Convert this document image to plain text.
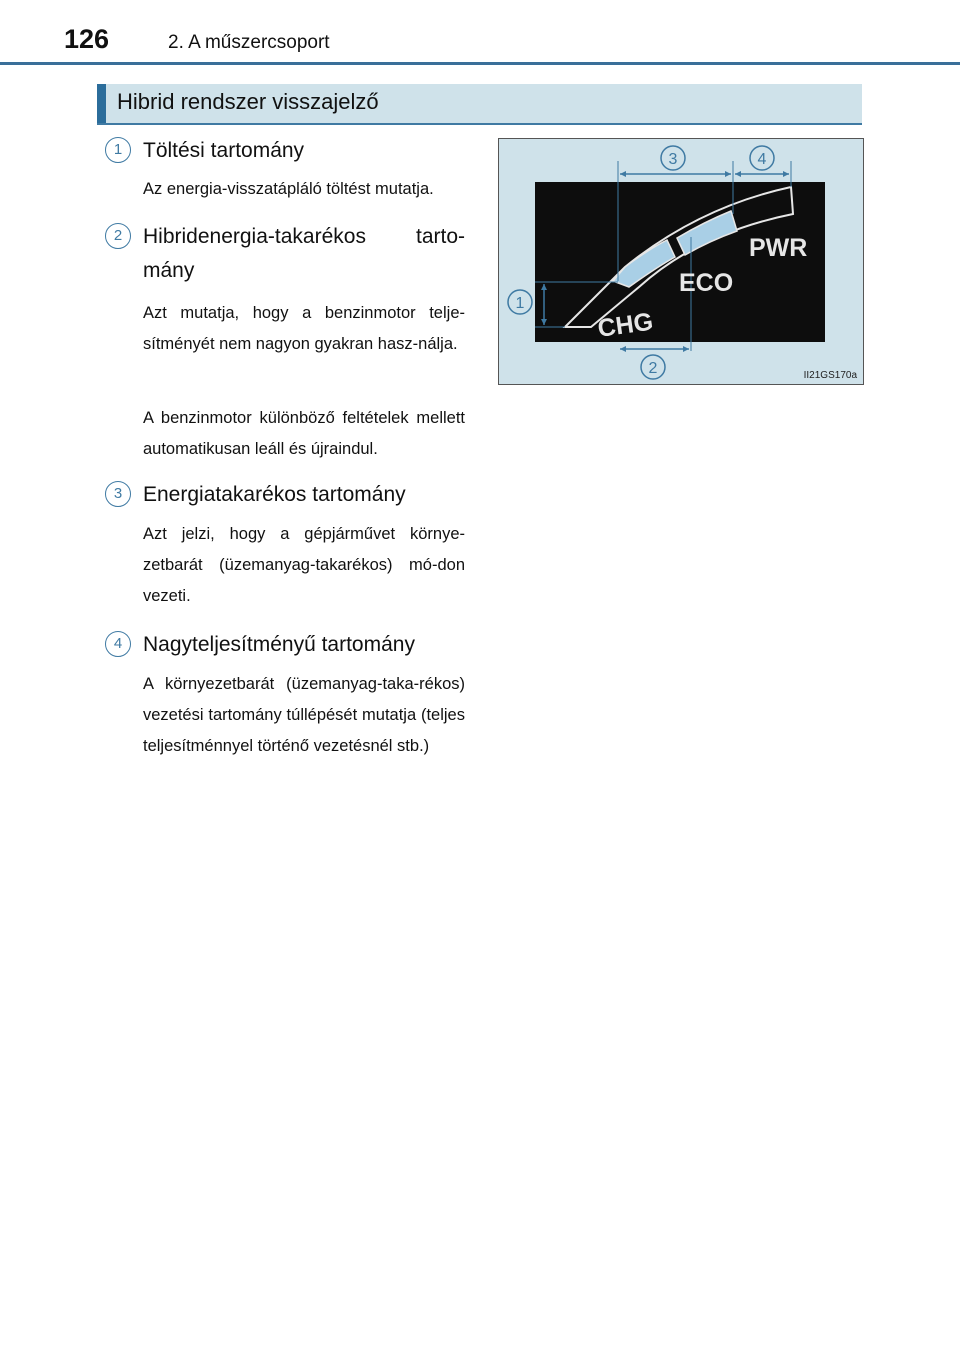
126	2. A műszercsoport
Hibrid rendszer visszajelző
1 Töltési tartomány
Az energia-visszatápláló töltést mutatja.
2 Hibridenergia-takarékos tarto-mány
Azt mutatja, hogy a benzinmotor telje-sítményét nem nagyon gyakran hasz-nálja.
A benzinmotor különböző feltételek mellett automatikusan leáll és újraindul.
3 Energiatakarékos tartomány
Azt jelzi, hogy a gépjárművet környe-zetbarát (üzemanyag-takarékos) mó-don vezeti.
4 Nagyteljesítményű tartomány
A környezetbarát (üzemanyag-taka-rékos) vezetési tartomány túllépését mutatja (teljes teljesítménnyel történő vezetésnél stb.)
CHG
ECO
PWR
3	4
1
2	II21GS170a
